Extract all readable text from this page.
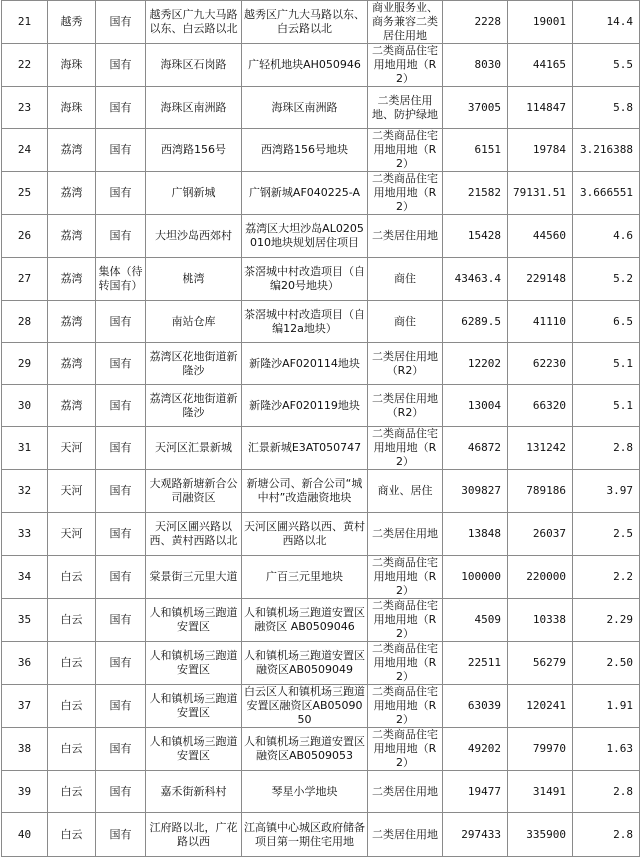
21	越秀	国有	越秀区广九大马路以东、白云路以北	越秀区广九大马路以东、白云路以北	商业服务业、商务兼容二类居住用地	2228	19001	14.4
22	海珠	国有	海珠区石岗路	广轻机地块AH050946	二类商品住宅用地用地（R2）	8030	44165	5.5
23	海珠	国有	海珠区南洲路	海珠区南洲路	二类居住用地、防护绿地	37005	114847	5.8
24	荔湾	国有	西湾路156号	西湾路156号地块	二类商品住宅用地用地（R2）	6151	19784	3.216388
25	荔湾	国有	广钢新城	广钢新城AF040225-A	二类商品住宅用地用地（R2）	21582	79131.51	3.666551
26	荔湾	国有	大坦沙岛西郊村	荔湾区大坦沙岛AL0205010地块规划居住项目	二类居住用地	15428	44560	4.6
27	荔湾	集体（待转国有）	桃湾	茶滘城中村改造项目（自编20号地块）	商住	43463.4	229148	5.2
28	荔湾	国有	南站仓库	茶滘城中村改造项目（自编12a地块）	商住	6289.5	41110	6.5
29	荔湾	国有	荔湾区花地街道新隆沙	新隆沙AF020114地块	二类居住用地（R2）	12202	62230	5.1
30	荔湾	国有	荔湾区花地街道新隆沙	新隆沙AF020119地块	二类居住用地（R2）	13004	66320	5.1
31	天河	国有	天河区汇景新城	汇景新城E3AT050747	二类商品住宅用地用地（R2）	46872	131242	2.8
32	天河	国有	大观路新塘新合公司融资区	新塘公司、新合公司“城中村”改造融资地块	商业、居住	309827	789186	3.97
33	天河	国有	天河区圃兴路以西、黄村西路以北	天河区圃兴路以西、黄村西路以北	二类居住用地	13848	26037	2.5
34	白云	国有	棠景街三元里大道	广百三元里地块	二类商品住宅用地用地（R2）	100000	220000	2.2
35	白云	国有	人和镇机场三跑道安置区	人和镇机场三跑道安置区融资区 AB0509046	二类商品住宅用地用地（R2）	4509	10338	2.29
36	白云	国有	人和镇机场三跑道安置区	人和镇机场三跑道安置区融资区AB0509049	二类商品住宅用地用地（R2）	22511	56279	2.50
37	白云	国有	人和镇机场三跑道安置区	白云区人和镇机场三跑道安置区融资区AB0509050	二类商品住宅用地用地（R2）	63039	120241	1.91
38	白云	国有	人和镇机场三跑道安置区	人和镇机场三跑道安置区融资区AB0509053	二类商品住宅用地用地（R2）	49202	79970	1.63
39	白云	国有	嘉禾街新科村	琴星小学地块	二类居住用地	19477	31491	2.8
40	白云	国有	江府路以北，广花路以西	江高镇中心城区政府储备项目第一期住宅用地	二类居住用地	297433	335900	2.8
